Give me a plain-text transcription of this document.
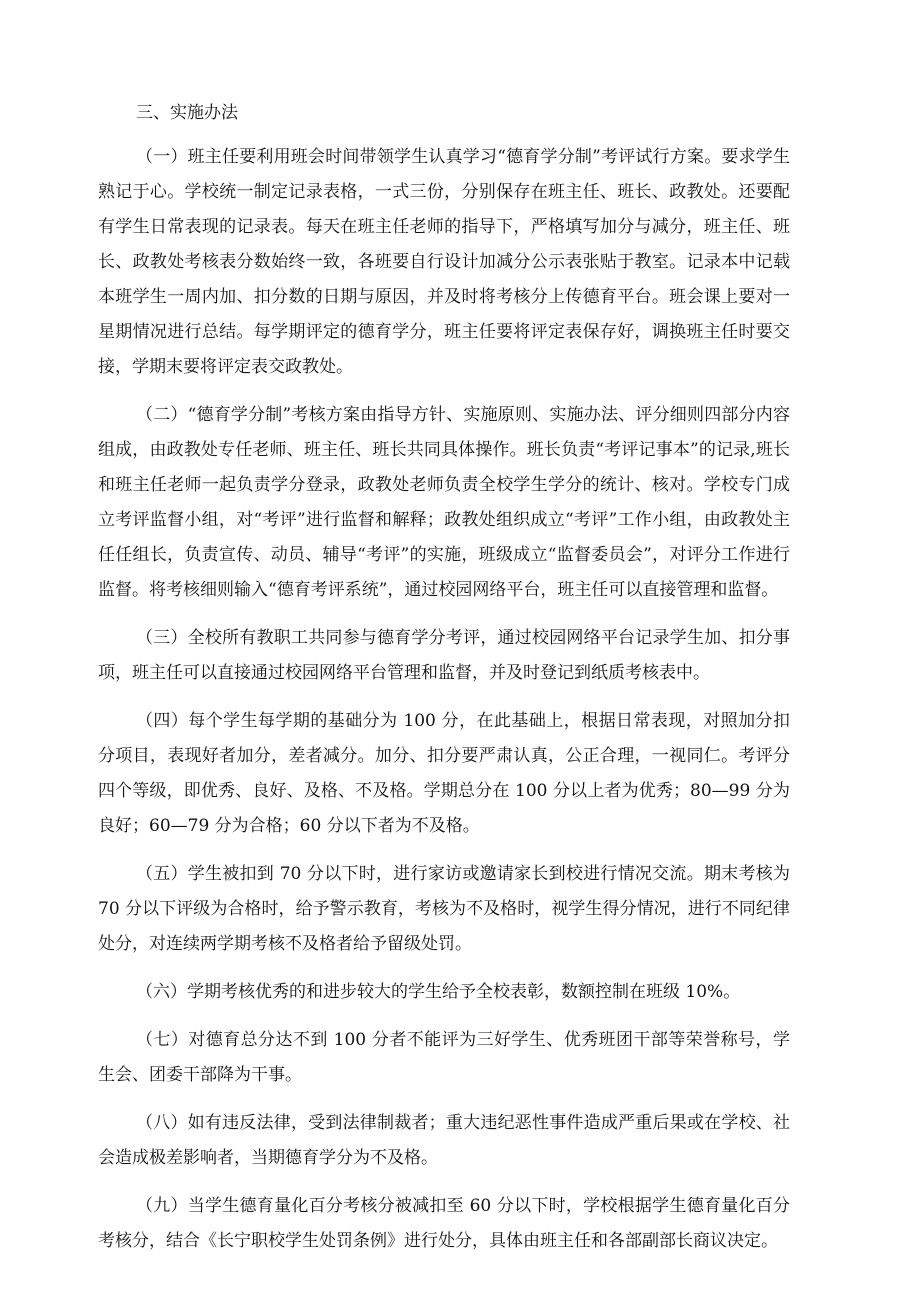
三、实施办法

（一）班主任要利用班会时间带领学生认真学习“德育学分制”考评试行方案。要求学生熟记于心。学校统一制定记录表格，一式三份，分别保存在班主任、班长、政教处。还要配有学生日常表现的记录表。每天在班主任老师的指导下，严格填写加分与减分，班主任、班长、政教处考核表分数始终一致，各班要自行设计加减分公示表张贴于教室。记录本中记载本班学生一周内加、扣分数的日期与原因，并及时将考核分上传德育平台。班会课上要对一星期情况进行总结。每学期评定的德育学分，班主任要将评定表保存好，调换班主任时要交接，学期末要将评定表交政教处。

（二）“德育学分制”考核方案由指导方针、实施原则、实施办法、评分细则四部分内容组成，由政教处专任老师、班主任、班长共同具体操作。班长负责“考评记事本”的记录,班长和班主任老师一起负责学分登录，政教处老师负责全校学生学分的统计、核对。学校专门成立考评监督小组，对“考评”进行监督和解释；政教处组织成立“考评”工作小组，由政教处主任任组长，负责宣传、动员、辅导“考评”的实施，班级成立“监督委员会”，对评分工作进行监督。将考核细则输入“德育考评系统”，通过校园网络平台，班主任可以直接管理和监督。

（三）全校所有教职工共同参与德育学分考评，通过校园网络平台记录学生加、扣分事项，班主任可以直接通过校园网络平台管理和监督，并及时登记到纸质考核表中。

（四）每个学生每学期的基础分为 100 分，在此基础上，根据日常表现，对照加分扣分项目，表现好者加分，差者减分。加分、扣分要严肃认真，公正合理，一视同仁。考评分四个等级，即优秀、良好、及格、不及格。学期总分在 100 分以上者为优秀；80—99 分为良好；60—79 分为合格；60 分以下者为不及格。

（五）学生被扣到 70 分以下时，进行家访或邀请家长到校进行情况交流。期末考核为 70 分以下评级为合格时，给予警示教育，考核为不及格时，视学生得分情况，进行不同纪律处分，对连续两学期考核不及格者给予留级处罚。

（六）学期考核优秀的和进步较大的学生给予全校表彰，数额控制在班级 10%。

（七）对德育总分达不到 100 分者不能评为三好学生、优秀班团干部等荣誉称号，学生会、团委干部降为干事。

（八）如有违反法律，受到法律制裁者；重大违纪恶性事件造成严重后果或在学校、社会造成极差影响者，当期德育学分为不及格。

（九）当学生德育量化百分考核分被减扣至 60 分以下时，学校根据学生德育量化百分考核分，结合《长宁职校学生处罚条例》进行处分，具体由班主任和各部副部长商议决定。
